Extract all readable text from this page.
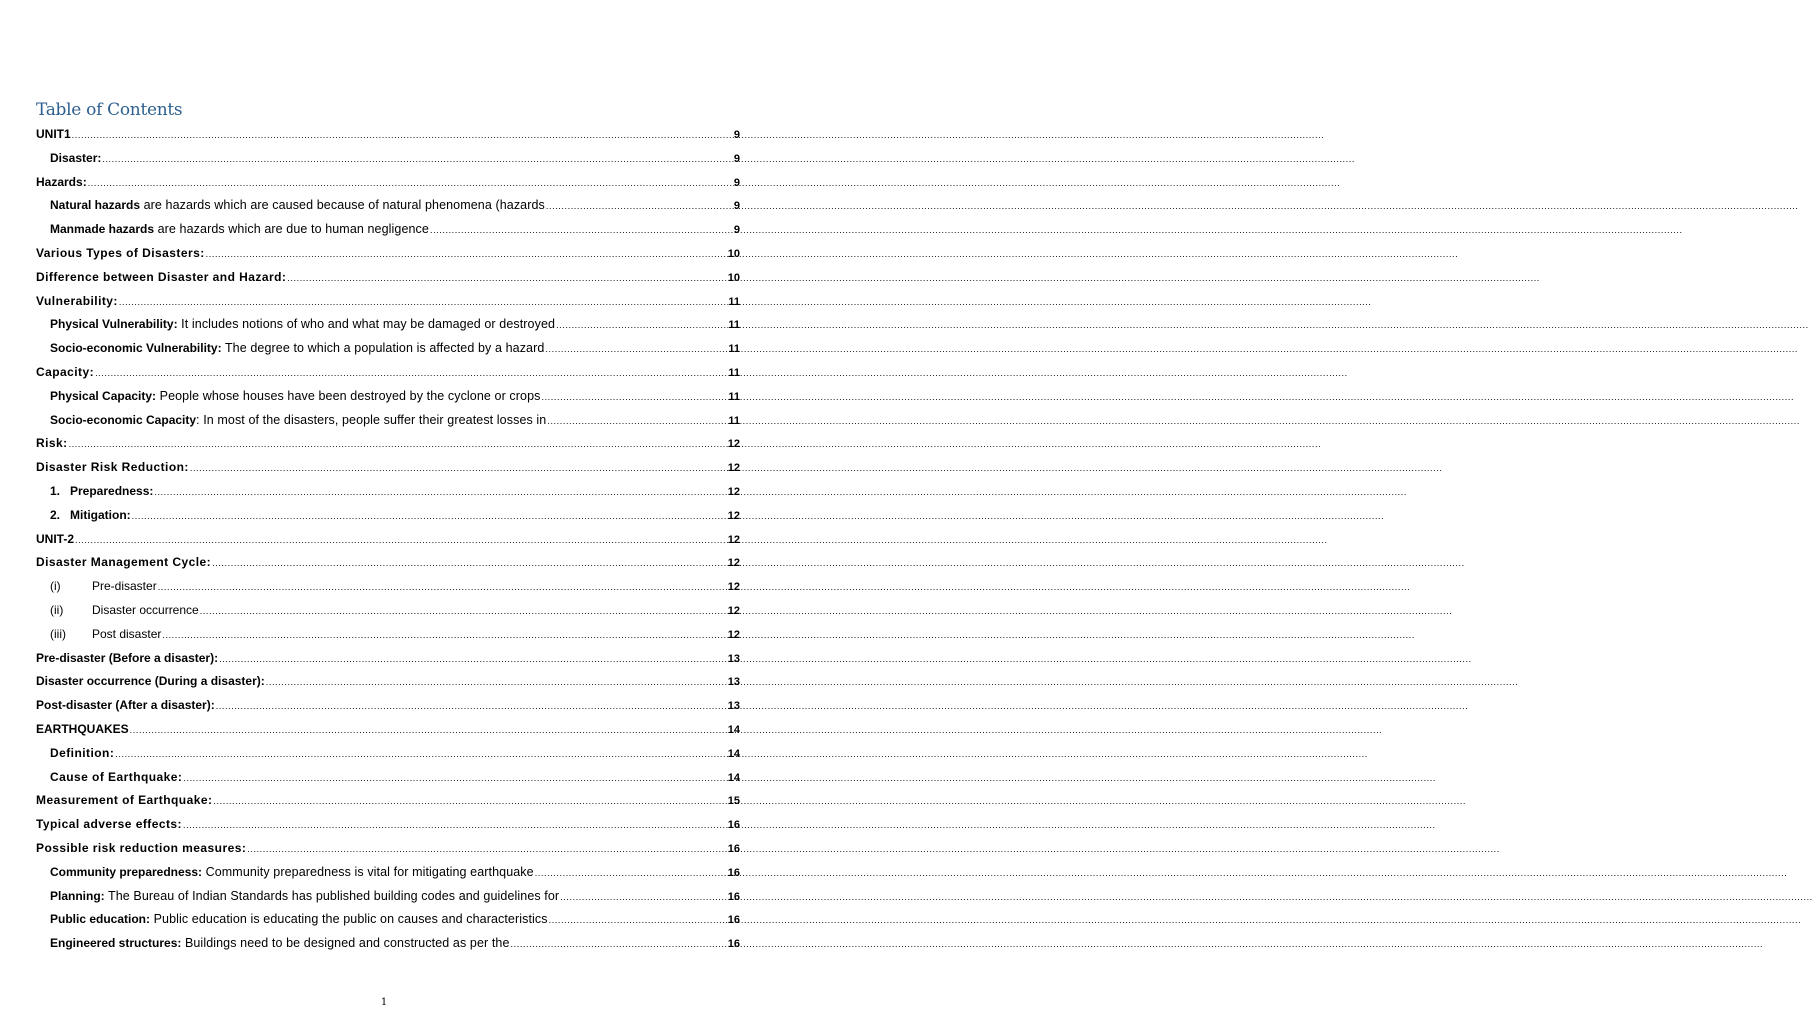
Table of Contents
UNIT1 .....	9
Disaster: .....	9
Hazards: .....	9
Natural hazards are hazards which are caused because of natural phenomena (hazards .....	9
Manmade hazards are hazards which are due to human negligence .....	9
Various Types of Disasters: .....	10
Difference between Disaster and Hazard: .....	10
Vulnerability: .....	11
Physical Vulnerability: It includes notions of who and what may be damaged or destroyed .....	11
Socio-economic Vulnerability: The degree to which a population is affected by a hazard .....	11
Capacity: .....	11
Physical Capacity: People whose houses have been destroyed by the cyclone or crops .....	11
Socio-economic Capacity: In most of the disasters, people suffer their greatest losses in .....	11
Risk: .....	12
Disaster Risk Reduction: .....	12
1. Preparedness: .....	12
2. Mitigation: .....	12
UNIT-2 .....	12
Disaster Management Cycle: .....	12
(i)	Pre-disaster .....	12
(ii) Disaster occurrence .....	12
(iii) Post disaster .....	12
Pre-disaster (Before a disaster): .....	13
Disaster occurrence (During a disaster): .....	13
Post-disaster (After a disaster): .....	13
EARTHQUAKES .....	14
Definition: .....	14
Cause of Earthquake: .....	14
Measurement of Earthquake: .....	15
Typical adverse effects: .....	16
Possible risk reduction measures: .....	16
Community preparedness: Community preparedness is vital for mitigating earthquake .....	16
Planning: The Bureau of Indian Standards has published building codes and guidelines for .....	16
Public education: Public education is educating the public on causes and characteristics .....	16
Engineered structures: Buildings need to be designed and constructed as per the .....	16
1
